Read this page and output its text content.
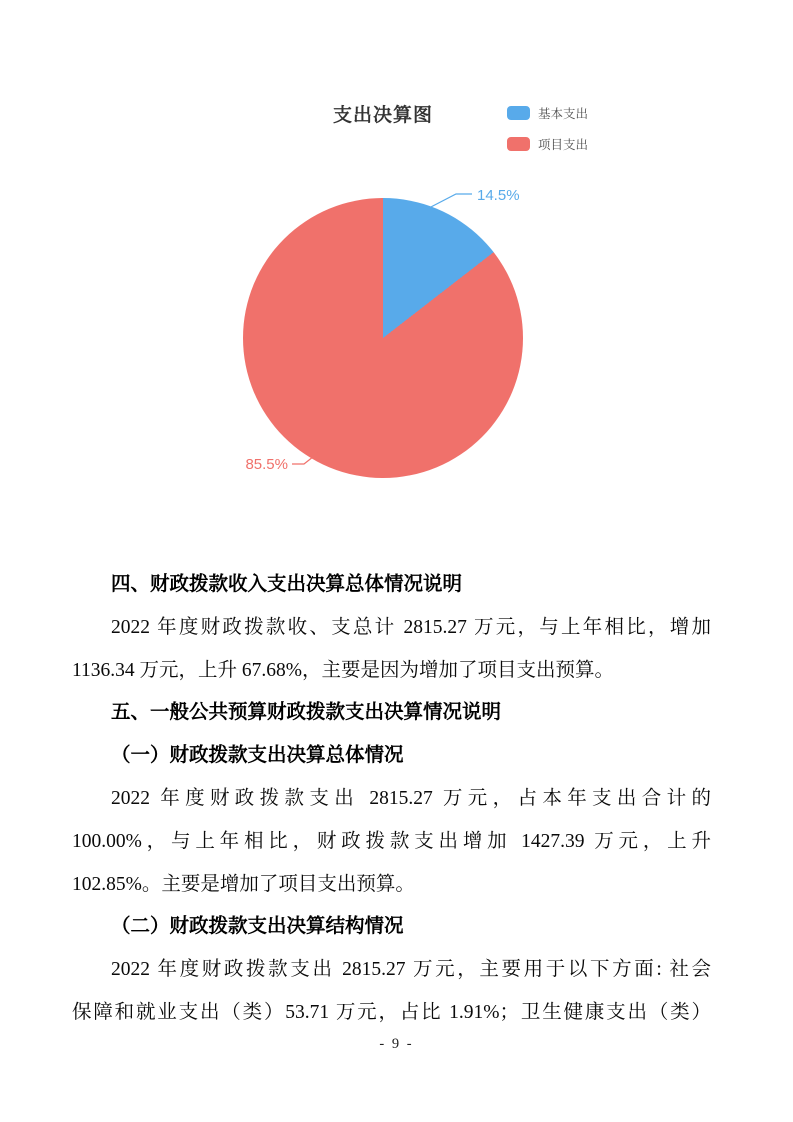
支出决算图	基本支出
项目支出
14.5%
85.5%
四、财政拨款收入支出决算总体情况说明
2022 年度财政拨款收、支总计 2815.27 万元，与上年相比，增加
1136.34 万元，上升 67.68%，主要是因为增加了项目支出预算。
五、一般公共预算财政拨款支出决算情况说明
（一）财政拨款支出决算总体情况
2022 年度财政拨款支出 2815.27 万元，占本年支出合计的
100.00%，与上年相比，财政拨款支出增加 1427.39 万元，上升
102.85%。主要是增加了项目支出预算。
（二）财政拨款支出决算结构情况
2022 年度财政拨款支出 2815.27 万元，主要用于以下方面: 社会
保障和就业支出（类）53.71 万元，占比 1.91%；卫生健康支出（类）
- 9 -
